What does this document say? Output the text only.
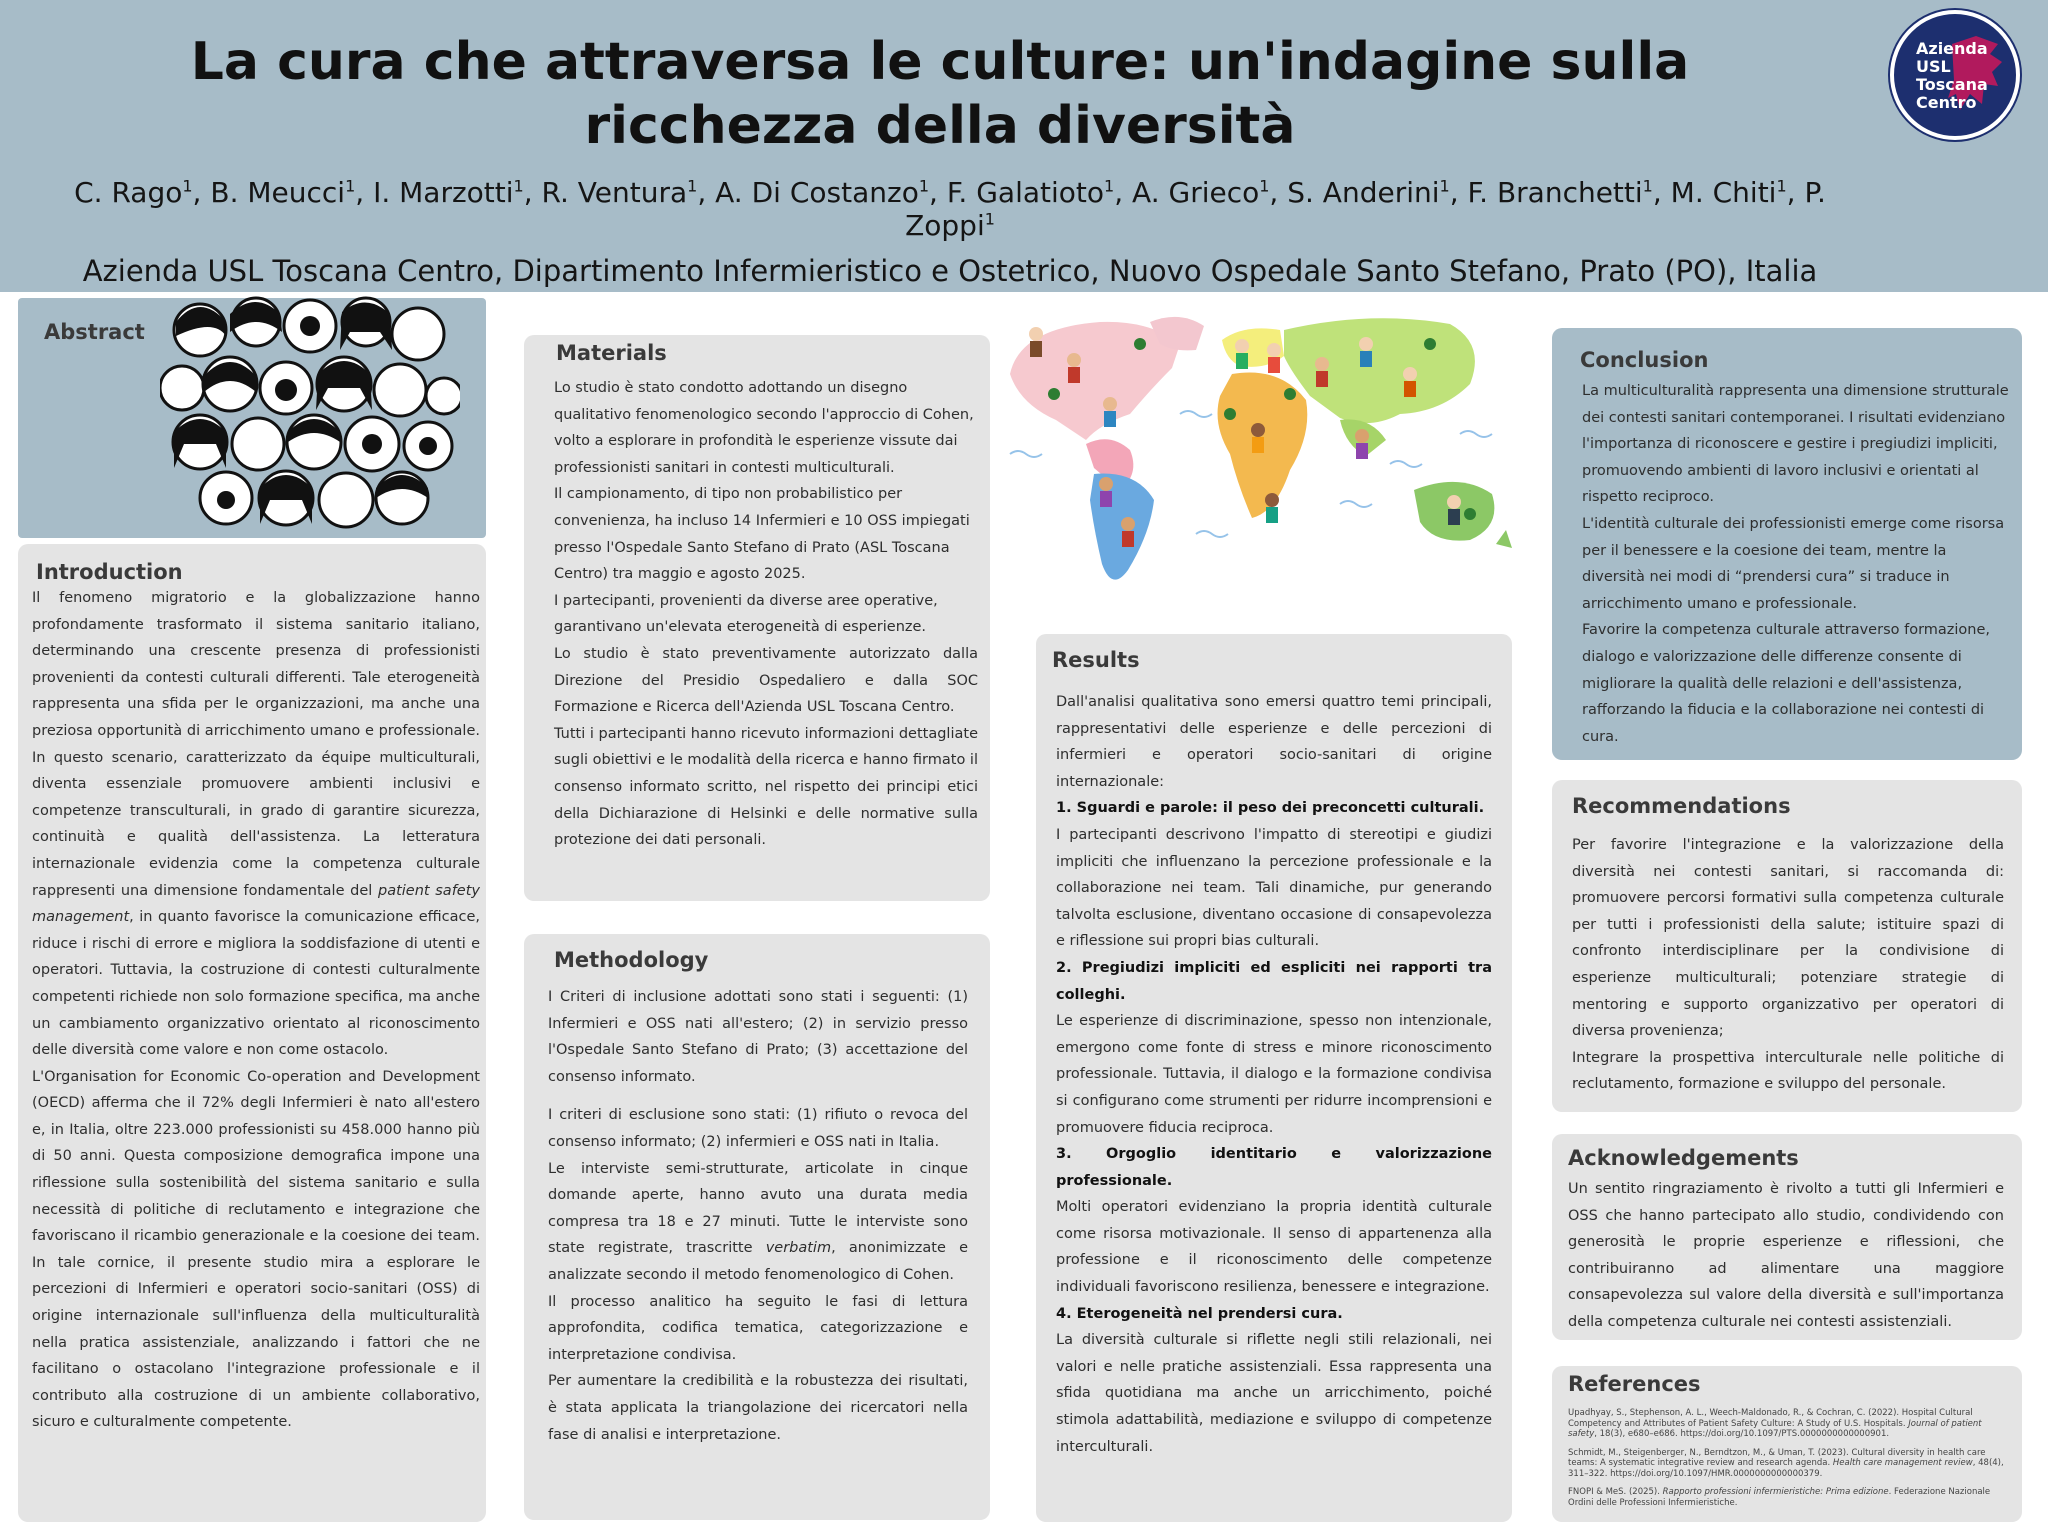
La cura che attraversa le culture: un'indagine sulla ricchezza della diversità
C. Rago$^1$, B. Meucci$^1$, I. Marzotti$^1$, R. Ventura$^1$, A. Di Costanzo$^1$, F. Galatioto$^1$, A. Grieco$^1$, S. Anderini$^1$, F. Branchetti$^1$, M. Chiti$^1$, P. Zoppi$^1$
Azienda USL Toscana Centro, Dipartimento Infermieristico e Ostetrico, Nuovo Ospedale Santo Stefano, Prato (PO), Italia
Azienda USL Toscana Centro
Abstract
Introduction

Il fenomeno migratorio e la globalizzazione hanno profondamente trasformato il sistema sanitario italiano, determinando una crescente presenza di professionisti provenienti da contesti culturali differenti. Tale eterogeneità rappresenta una sfida per le organizzazioni, ma anche una preziosa opportunità di arricchimento umano e professionale. In questo scenario, caratterizzato da équipe multiculturali, diventa essenziale promuovere ambienti inclusivi e competenze transculturali, in grado di garantire sicurezza, continuità e qualità dell'assistenza. La letteratura internazionale evidenzia come la competenza culturale rappresenti una dimensione fondamentale del patient safety management, in quanto favorisce la comunicazione efficace, riduce i rischi di errore e migliora la soddisfazione di utenti e operatori. Tuttavia, la costruzione di contesti culturalmente competenti richiede non solo formazione specifica, ma anche un cambiamento organizzativo orientato al riconoscimento delle diversità come valore e non come ostacolo.

L'Organisation for Economic Co-operation and Development (OECD) afferma che il 72% degli Infermieri è nato all'estero e, in Italia, oltre 223.000 professionisti su 458.000 hanno più di 50 anni. Questa composizione demografica impone una riflessione sulla sostenibilità del sistema sanitario e sulla necessità di politiche di reclutamento e integrazione che favoriscano il ricambio generazionale e la coesione dei team. In tale cornice, il presente studio mira a esplorare le percezioni di Infermieri e operatori socio-sanitari (OSS) di origine internazionale sull'influenza della multiculturalità nella pratica assistenziale, analizzando i fattori che ne facilitano o ostacolano l'integrazione professionale e il contributo alla costruzione di un ambiente collaborativo, sicuro e culturalmente competente.

Materials

Lo studio è stato condotto adottando un disegno qualitativo fenomenologico secondo l'approccio di Cohen, volto a esplorare in profondità le esperienze vissute dai professionisti sanitari in contesti multiculturali.

Il campionamento, di tipo non probabilistico per convenienza, ha incluso 14 Infermieri e 10 OSS impiegati presso l'Ospedale Santo Stefano di Prato (ASL Toscana Centro) tra maggio e agosto 2025.

I partecipanti, provenienti da diverse aree operative, garantivano un'elevata eterogeneità di esperienze.

Lo studio è stato preventivamente autorizzato dalla Direzione del Presidio Ospedaliero e dalla SOC Formazione e Ricerca dell'Azienda USL Toscana Centro.

Tutti i partecipanti hanno ricevuto informazioni dettagliate sugli obiettivi e le modalità della ricerca e hanno firmato il consenso informato scritto, nel rispetto dei principi etici della Dichiarazione di Helsinki e delle normative sulla protezione dei dati personali.

Methodology

I Criteri di inclusione adottati sono stati i seguenti: (1) Infermieri e OSS nati all'estero; (2) in servizio presso l'Ospedale Santo Stefano di Prato; (3) accettazione del consenso informato.

I criteri di esclusione sono stati: (1) rifiuto o revoca del consenso informato; (2) infermieri e OSS nati in Italia.

Le interviste semi-strutturate, articolate in cinque domande aperte, hanno avuto una durata media compresa tra 18 e 27 minuti. Tutte le interviste sono state registrate, trascritte verbatim, anonimizzate e analizzate secondo il metodo fenomenologico di Cohen.

Il processo analitico ha seguito le fasi di lettura approfondita, codifica tematica, categorizzazione e interpretazione condivisa.

Per aumentare la credibilità e la robustezza dei risultati, è stata applicata la triangolazione dei ricercatori nella fase di analisi e interpretazione.

Results

Dall'analisi qualitativa sono emersi quattro temi principali, rappresentativi delle esperienze e delle percezioni di infermieri e operatori socio-sanitari di origine internazionale:

1. Sguardi e parole: il peso dei preconcetti culturali.

I partecipanti descrivono l'impatto di stereotipi e giudizi impliciti che influenzano la percezione professionale e la collaborazione nei team. Tali dinamiche, pur generando talvolta esclusione, diventano occasione di consapevolezza e riflessione sui propri bias culturali.

2. Pregiudizi impliciti ed espliciti nei rapporti tra colleghi.

Le esperienze di discriminazione, spesso non intenzionale, emergono come fonte di stress e minore riconoscimento professionale. Tuttavia, il dialogo e la formazione condivisa si configurano come strumenti per ridurre incomprensioni e promuovere fiducia reciproca.

3. Orgoglio identitario e valorizzazione professionale.

Molti operatori evidenziano la propria identità culturale come risorsa motivazionale. Il senso di appartenenza alla professione e il riconoscimento delle competenze individuali favoriscono resilienza, benessere e integrazione.

4. Eterogeneità nel prendersi cura.

La diversità culturale si riflette negli stili relazionali, nei valori e nelle pratiche assistenziali. Essa rappresenta una sfida quotidiana ma anche un arricchimento, poiché stimola adattabilità, mediazione e sviluppo di competenze interculturali.

Conclusion

La multiculturalità rappresenta una dimensione strutturale dei contesti sanitari contemporanei. I risultati evidenziano l'importanza di riconoscere e gestire i pregiudizi impliciti, promuovendo ambienti di lavoro inclusivi e orientati al rispetto reciproco.

L'identità culturale dei professionisti emerge come risorsa per il benessere e la coesione dei team, mentre la diversità nei modi di “prendersi cura” si traduce in arricchimento umano e professionale.

Favorire la competenza culturale attraverso formazione, dialogo e valorizzazione delle differenze consente di migliorare la qualità delle relazioni e dell'assistenza, rafforzando la fiducia e la collaborazione nei contesti di cura.

Recommendations

Per favorire l'integrazione e la valorizzazione della diversità nei contesti sanitari, si raccomanda di: promuovere percorsi formativi sulla competenza culturale per tutti i professionisti della salute; istituire spazi di confronto interdisciplinare per la condivisione di esperienze multiculturali; potenziare strategie di mentoring e supporto organizzativo per operatori di diversa provenienza;

Integrare la prospettiva interculturale nelle politiche di reclutamento, formazione e sviluppo del personale.

Acknowledgements

Un sentito ringraziamento è rivolto a tutti gli Infermieri e OSS che hanno partecipato allo studio, condividendo con generosità le proprie esperienze e riflessioni, che contribuiranno ad alimentare una maggiore consapevolezza sul valore della diversità e sull'importanza della competenza culturale nei contesti assistenziali.

References

Upadhyay, S., Stephenson, A. L., Weech-Maldonado, R., & Cochran, C. (2022). Hospital Cultural Competency and Attributes of Patient Safety Culture: A Study of U.S. Hospitals. Journal of patient safety, 18(3), e680–e686. https://doi.org/10.1097/PTS.0000000000000901.

Schmidt, M., Steigenberger, N., Berndtzon, M., & Uman, T. (2023). Cultural diversity in health care teams: A systematic integrative review and research agenda. Health care management review, 48(4), 311–322. https://doi.org/10.1097/HMR.0000000000000379.

FNOPI & MeS. (2025). Rapporto professioni infermieristiche: Prima edizione. Federazione Nazionale Ordini delle Professioni Infermieristiche.
